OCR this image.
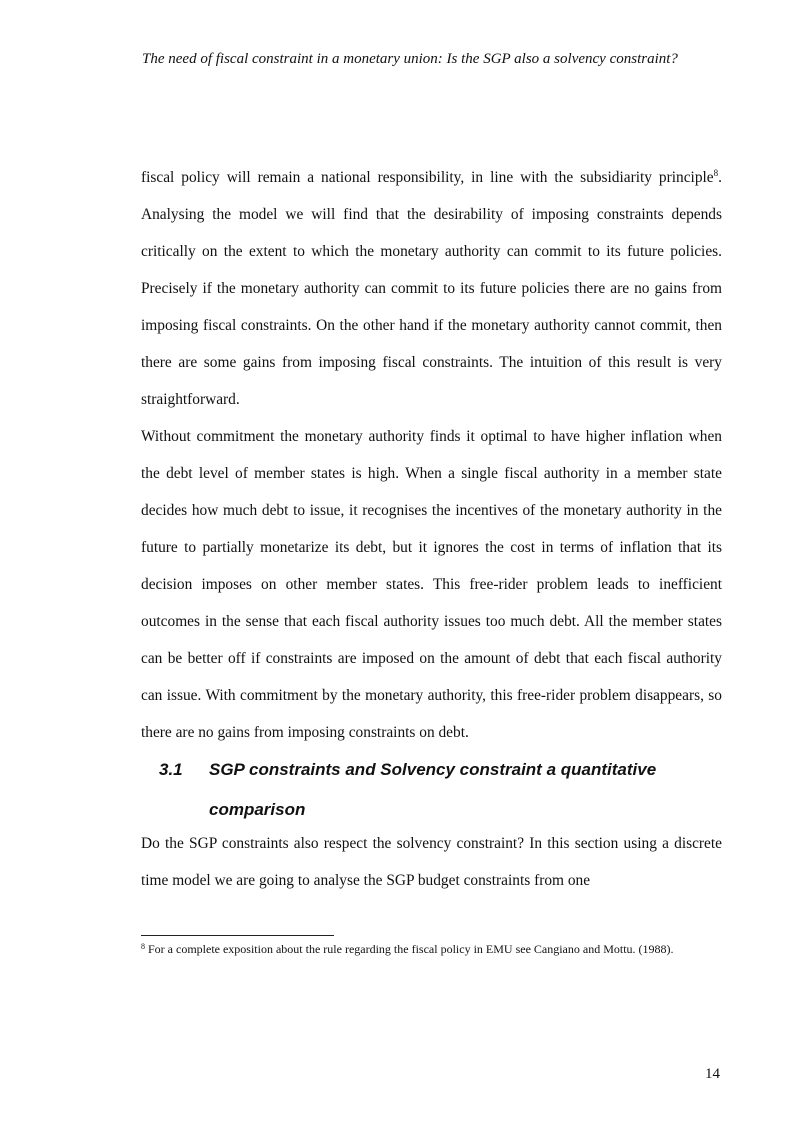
The need of fiscal constraint in a monetary union: Is the SGP also a solvency constraint?

fiscal policy will remain a national responsibility, in line with the subsidiarity principle$^8$. Analysing the model we will find that the desirability of imposing constraints depends critically on the extent to which the monetary authority can commit to its future policies. Precisely if the monetary authority can commit to its future policies there are no gains from imposing fiscal constraints. On the other hand if the monetary authority cannot commit, then there are some gains from imposing fiscal constraints. The intuition of this result is very straightforward.

Without commitment the monetary authority finds it optimal to have higher inflation when the debt level of member states is high. When a single fiscal authority in a member state decides how much debt to issue, it recognises the incentives of the monetary authority in the future to partially monetarize its debt, but it ignores the cost in terms of inflation that its decision imposes on other member states. This free-rider problem leads to inefficient outcomes in the sense that each fiscal authority issues too much debt. All the member states can be better off if constraints are imposed on the amount of debt that each fiscal authority can issue. With commitment by the monetary authority, this free-rider problem disappears, so there are no gains from imposing constraints on debt.

3.1 SGP constraints and Solvency constraint a quantitative
comparison

Do the SGP constraints also respect the solvency constraint? In this section using a discrete time model we are going to analyse the SGP budget constraints from one

$^8$ For a complete exposition about the rule regarding the fiscal policy in EMU see Cangiano and Mottu. (1988).

14
